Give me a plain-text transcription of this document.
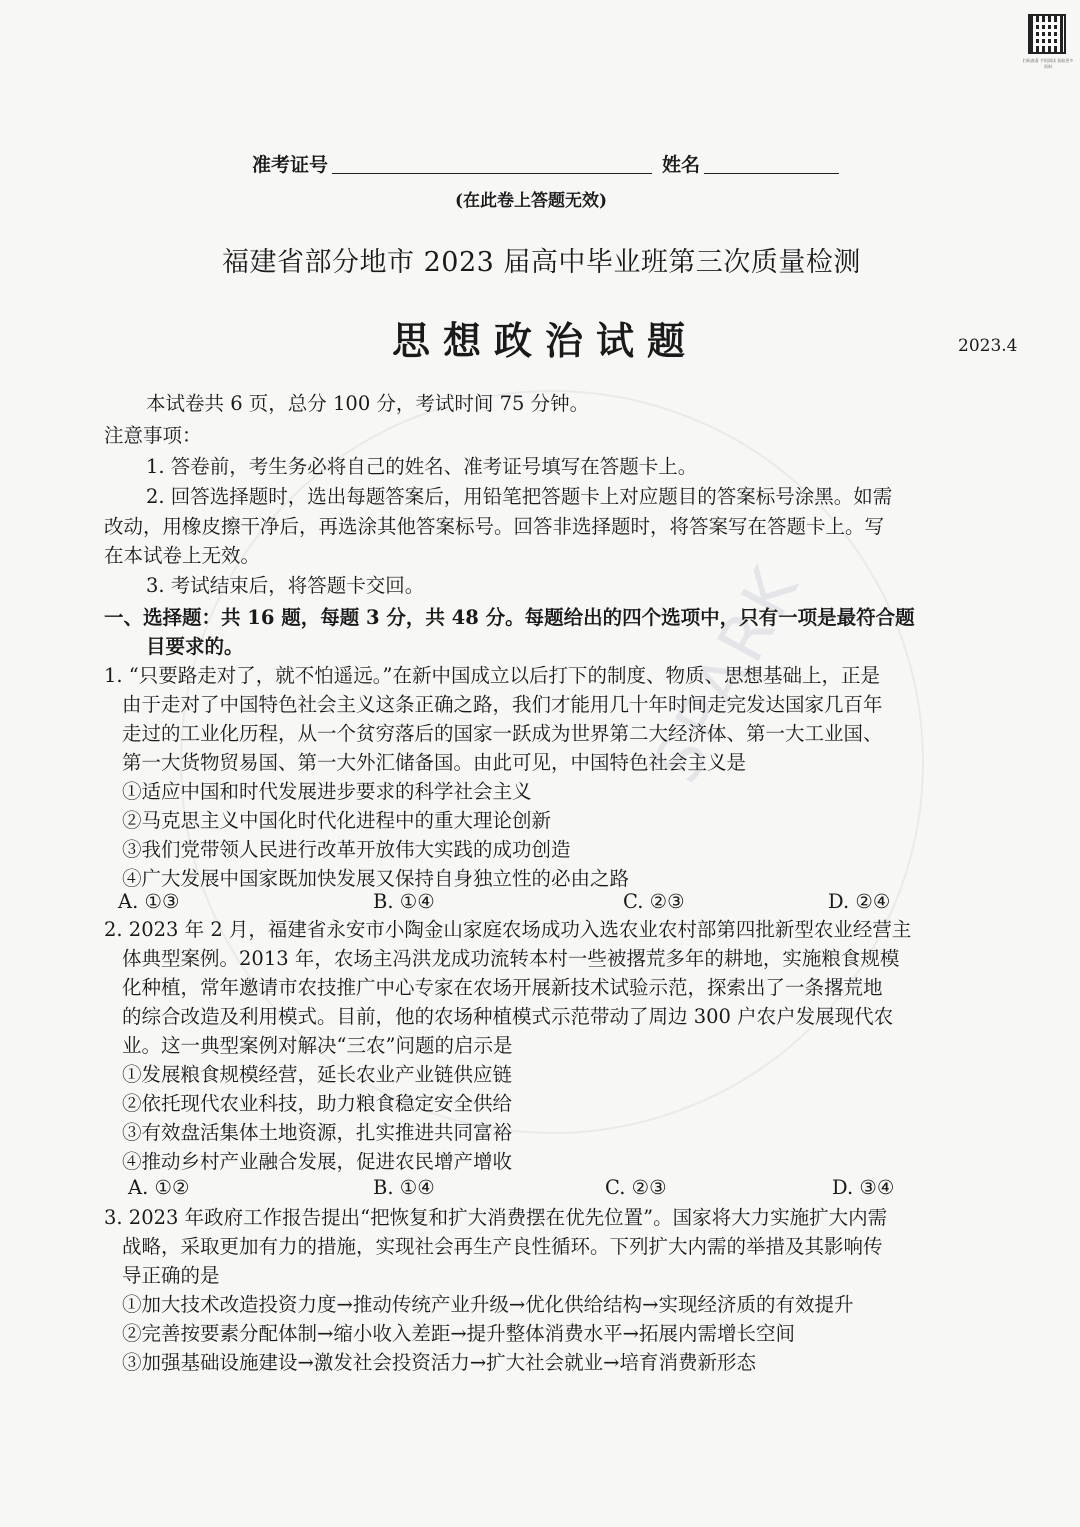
SPARK
扫码查看 手机阅读 获取更多资料
准考证号	姓名
(在此卷上答题无效)
福建省部分地市 2023 届高中毕业班第三次质量检测
思想政治试题	2023.4
本试卷共 6 页，总分 100 分，考试时间 75 分钟。
注意事项：
1. 答卷前，考生务必将自己的姓名、准考证号填写在答题卡上。
2. 回答选择题时，选出每题答案后，用铅笔把答题卡上对应题目的答案标号涂黑。如需
改动，用橡皮擦干净后，再选涂其他答案标号。回答非选择题时，将答案写在答题卡上。写
在本试卷上无效。
3. 考试结束后，将答题卡交回。
一、选择题：共 16 题，每题 3 分，共 48 分。每题给出的四个选项中，只有一项是最符合题
目要求的。
1. “只要路走对了，就不怕遥远。”在新中国成立以后打下的制度、物质、思想基础上，正是
由于走对了中国特色社会主义这条正确之路，我们才能用几十年时间走完发达国家几百年
走过的工业化历程，从一个贫穷落后的国家一跃成为世界第二大经济体、第一大工业国、
第一大货物贸易国、第一大外汇储备国。由此可见，中国特色社会主义是
①适应中国和时代发展进步要求的科学社会主义
②马克思主义中国化时代化进程中的重大理论创新
③我们党带领人民进行改革开放伟大实践的成功创造
④广大发展中国家既加快发展又保持自身独立性的必由之路
A. ①③	B. ①④	C. ②③	D. ②④
2. 2023 年 2 月，福建省永安市小陶金山家庭农场成功入选农业农村部第四批新型农业经营主
体典型案例。2013 年，农场主冯洪龙成功流转本村一些被撂荒多年的耕地，实施粮食规模
化种植，常年邀请市农技推广中心专家在农场开展新技术试验示范，探索出了一条撂荒地
的综合改造及利用模式。目前，他的农场种植模式示范带动了周边 300 户农户发展现代农
业。这一典型案例对解决“三农”问题的启示是
①发展粮食规模经营，延长农业产业链供应链
②依托现代农业科技，助力粮食稳定安全供给
③有效盘活集体土地资源，扎实推进共同富裕
④推动乡村产业融合发展，促进农民增产增收
A. ①②	B. ①④	C. ②③	D. ③④
3. 2023 年政府工作报告提出“把恢复和扩大消费摆在优先位置”。国家将大力实施扩大内需
战略，采取更加有力的措施，实现社会再生产良性循环。下列扩大内需的举措及其影响传
导正确的是
①加大技术改造投资力度→推动传统产业升级→优化供给结构→实现经济质的有效提升
②完善按要素分配体制→缩小收入差距→提升整体消费水平→拓展内需增长空间
③加强基础设施建设→激发社会投资活力→扩大社会就业→培育消费新形态
